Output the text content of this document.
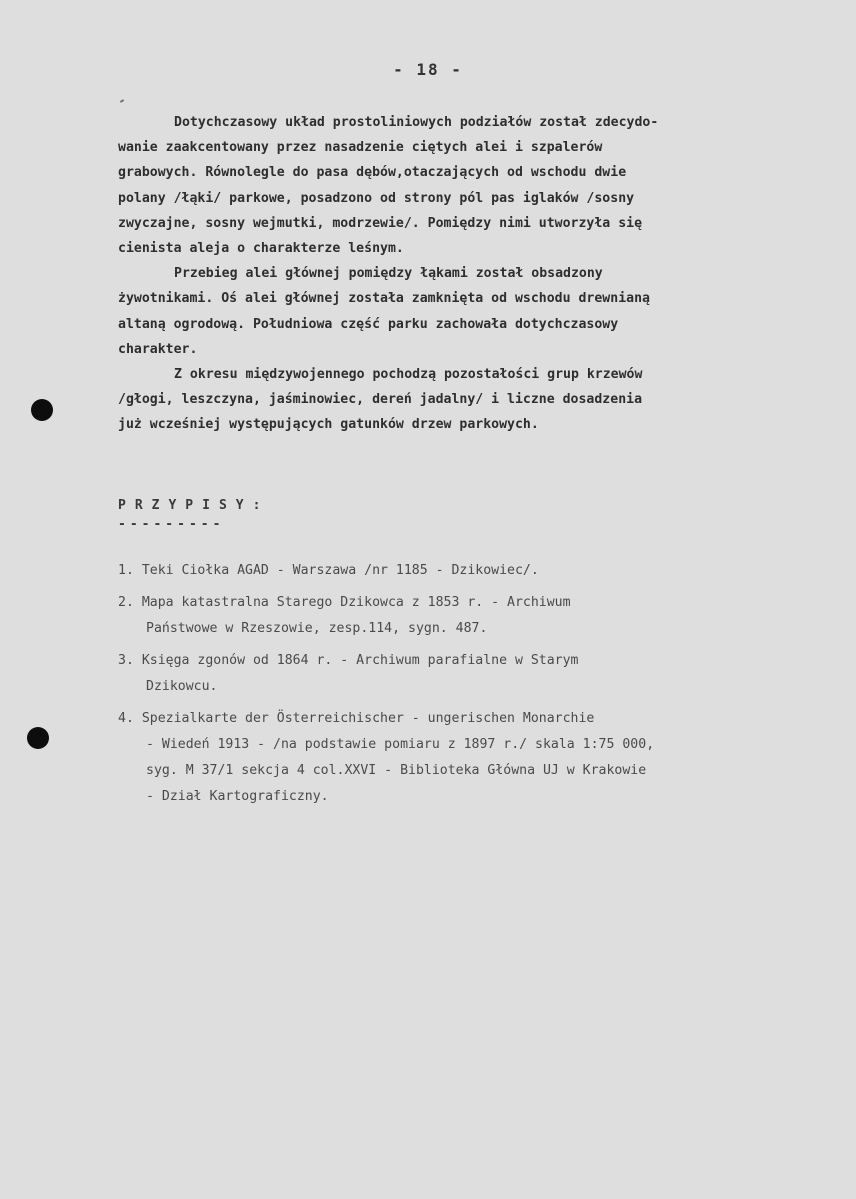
- 18 -
Dotychczasowy układ prostoliniowych podziałów został zdecydo-
wanie zaakcentowany przez nasadzenie ciętych alei i szpalerów
grabowych. Równolegle do pasa dębów,otaczających od wschodu dwie
polany /łąki/ parkowe, posadzono od strony pól pas iglaków /sosny
zwyczajne, sosny wejmutki, modrzewie/. Pomiędzy nimi utworzyła się
cienista aleja o charakterze leśnym.
Przebieg alei głównej pomiędzy łąkami został obsadzony
żywotnikami. Oś alei głównej została zamknięta od wschodu drewnianą
altaną ogrodową. Południowa część parku zachowała dotychczasowy
charakter.
Z okresu międzywojennego pochodzą pozostałości grup krzewów
/głogi, leszczyna, jaśminowiec, dereń jadalny/ i liczne dosadzenia
już wcześniej występujących gatunków drzew parkowych.
PRZYPISY:
---------
1. Teki Ciołka AGAD - Warszawa /nr 1185 - Dzikowiec/.
2. Mapa katastralna Starego Dzikowca z 1853 r. - Archiwum
Państwowe w Rzeszowie, zesp.114, sygn. 487.
3. Księga zgonów od 1864 r. - Archiwum parafialne w Starym
Dzikowcu.
4. Spezialkarte der Österreichischer - ungerischen Monarchie
- Wiedeń 1913 - /na podstawie pomiaru z 1897 r./ skala 1:75 000,
syg. M 37/1 sekcja 4 col.XXVI - Biblioteka Główna UJ w Krakowie
- Dział Kartograficzny.
